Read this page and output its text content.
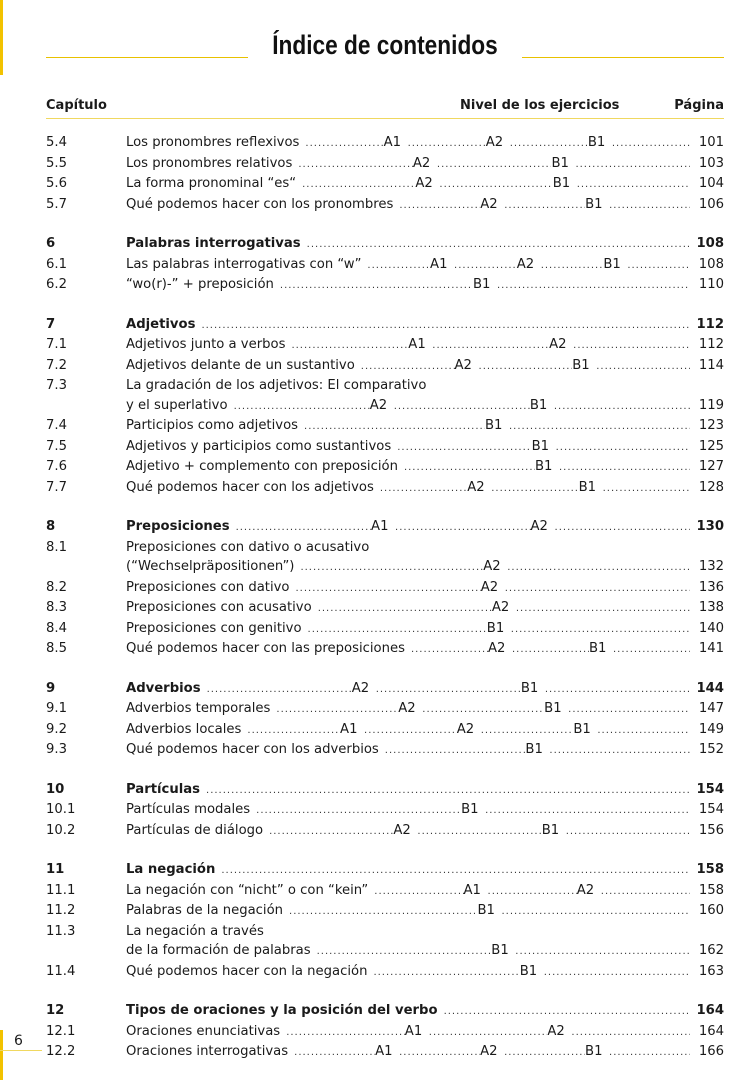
Índice de contenidos
Capítulo	Nivel de los ejercicios	Página
5.4	Los pronombres reflexivos .....	A1 .....	A2 .....	B1 .....	101
5.5	Los pronombres relativos .....	A2 .....	B1 .....	103
5.6	La forma pronominal “es“ .....	A2 .....	B1 .....	104
5.7	Qué podemos hacer con los pronombres .....	A2 .....	B1 .....	106
6	Palabras interrogativas .....	108
6.1	Las palabras interrogativas con “w” .....	A1 .....	A2 .....	B1 .....	108
6.2	“wo(r)-” + preposición .....	B1 .....	110
7	Adjetivos .....	112
7.1	Adjetivos junto a verbos .....	A1 .....	A2 .....	112
7.2	Adjetivos delante de un sustantivo .....	A2 .....	B1 .....	114
7.3	La gradación de los adjetivos: El comparativo
y el superlativo .....	A2 .....	B1 .....	119
7.4	Participios como adjetivos .....	B1 .....	123
7.5	Adjetivos y participios como sustantivos .....	B1 .....	125
7.6	Adjetivo + complemento con preposición .....	B1 .....	127
7.7	Qué podemos hacer con los adjetivos .....	A2 .....	B1 .....	128
8	Preposiciones .....	A1 .....	A2 .....	130
8.1	Preposiciones con dativo o acusativo
(“Wechselpräpositionen”) .....	A2 .....	132
8.2	Preposiciones con dativo .....	A2 .....	136
8.3	Preposiciones con acusativo .....	A2 .....	138
8.4	Preposiciones con genitivo .....	B1 .....	140
8.5	Qué podemos hacer con las preposiciones .....	A2 .....	B1 .....	141
9	Adverbios .....	A2 .....	B1 .....	144
9.1	Adverbios temporales .....	A2 .....	B1 .....	147
9.2	Adverbios locales .....	A1 .....	A2 .....	B1 .....	149
9.3	Qué podemos hacer con los adverbios .....	B1 .....	152
10	Partículas .....	154
10.1	Partículas modales .....	B1 .....	154
10.2	Partículas de diálogo .....	A2 .....	B1 .....	156
11	La negación .....	158
11.1	La negación con “nicht” o con “kein” .....	A1 .....	A2 .....	158
11.2	Palabras de la negación .....	B1 .....	160
11.3	La negación a través
de la formación de palabras .....	B1 .....	162
11.4	Qué podemos hacer con la negación .....	B1 .....	163
12	Tipos de oraciones y la posición del verbo .....	164
12.1	Oraciones enunciativas .....	A1 .....	A2 .....	164
12.2	Oraciones interrogativas .....	A1 .....	A2 .....	B1 .....	166
6
